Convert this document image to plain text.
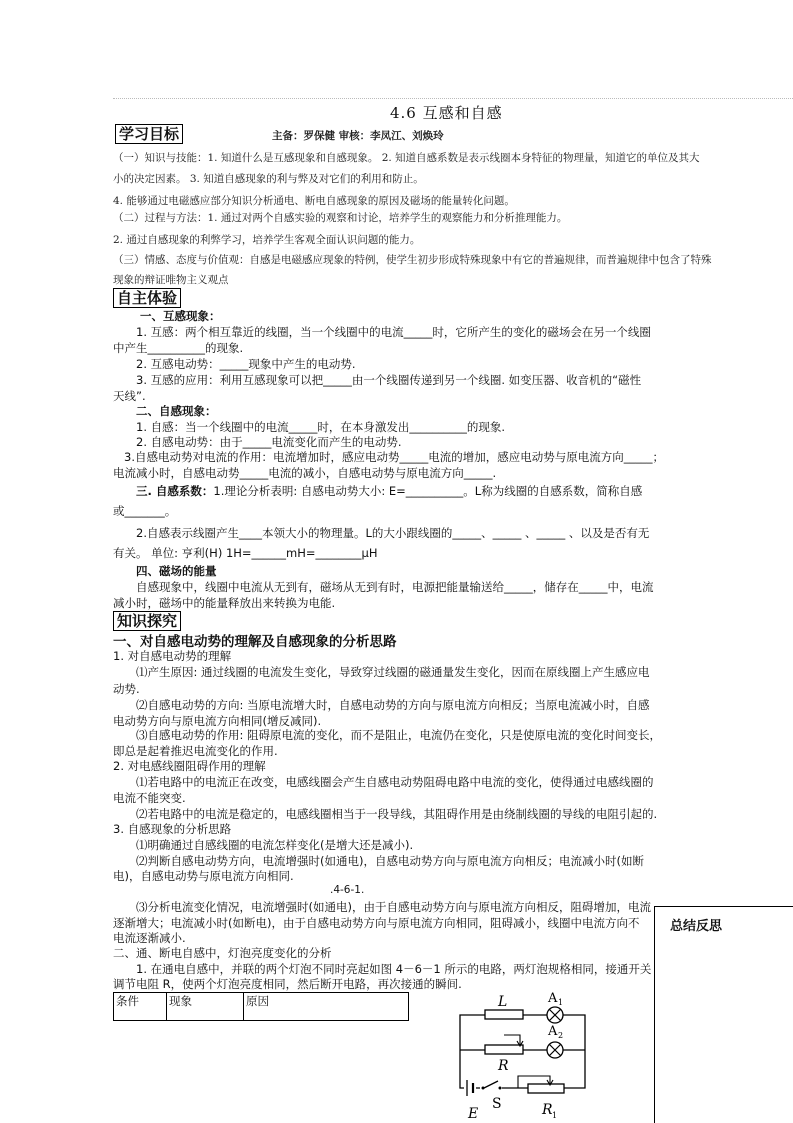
4.6 互感和自感
学习目标	主备：罗保健 审核：李凤江、刘焕玲
（一）知识与技能：1. 知道什么是互感现象和自感现象。 2. 知道自感系数是表示线圈本身特征的物理量，知道它的单位及其大
小的决定因素。 3. 知道自感现象的利与弊及对它们的利用和防止。
4. 能够通过电磁感应部分知识分析通电、断电自感现象的原因及磁场的能量转化问题。
（二）过程与方法：1. 通过对两个自感实验的观察和讨论，培养学生的观察能力和分析推理能力。
2. 通过自感现象的利弊学习，培养学生客观全面认识问题的能力。
（三）情感、态度与价值观：自感是电磁感应现象的特例，使学生初步形成特殊现象中有它的普遍规律，而普遍规律中包含了特殊
现象的辩证唯物主义观点
自主体验
一、互感现象：
1. 互感：两个相互靠近的线圈，当一个线圈中的电流_____时，它所产生的变化的磁场会在另一个线圈
中产生__________的现象.
2. 互感电动势：_____现象中产生的电动势.
3. 互感的应用：利用互感现象可以把_____由一个线圈传递到另一个线圈. 如变压器、收音机的“磁性
天线”.
二、自感现象：
1. 自感：当一个线圈中的电流_____时，在本身激发出__________的现象.
2. 自感电动势：由于_____电流变化而产生的电动势.
3.自感电动势对电流的作用：电流增加时，感应电动势_____电流的增加，感应电动势与原电流方向_____；
电流减小时，自感电动势_____电流的减小，自感电动势与原电流方向_____.
三. 自感系数：1.理论分析表明: 自感电动势大小: E=__________。L称为线圈的自感系数，简称自感
或_______。
2.自感表示线圈产生____本领大小的物理量。L的大小跟线圈的_____、_____ 、_____ 、以及是否有无
有关。 单位: 亨利(H) 1H=______mH=________μH
四、磁场的能量
自感现象中，线圈中电流从无到有，磁场从无到有时，电源把能量输送给_____，储存在_____中，电流
减小时，磁场中的能量释放出来转换为电能.
知识探究
一、对自感电动势的理解及自感现象的分析思路
1. 对自感电动势的理解
⑴产生原因: 通过线圈的电流发生变化，导致穿过线圈的磁通量发生变化，因而在原线圈上产生感应电
动势.
⑵自感电动势的方向: 当原电流增大时，自感电动势的方向与原电流方向相反；当原电流减小时，自感
电动势方向与原电流方向相同(增反减同).
⑶自感电动势的作用: 阻碍原电流的变化，而不是阻止，电流仍在变化，只是使原电流的变化时间变长，
即总是起着推迟电流变化的作用.
2. 对电感线圈阻碍作用的理解
⑴若电路中的电流正在改变，电感线圈会产生自感电动势阻碍电路中电流的变化，使得通过电感线圈的
电流不能突变.
⑵若电路中的电流是稳定的，电感线圈相当于一段导线，其阻碍作用是由绕制线圈的导线的电阻引起的.
3. 自感现象的分析思路
⑴明确通过自感线圈的电流怎样变化(是增大还是减小).
⑵判断自感电动势方向，电流增强时(如通电)，自感电动势方向与原电流方向相反；电流减小时(如断
电)，自感电动势与原电流方向相同.
.4-6-1.
⑶分析电流变化情况，电流增强时(如通电)，由于自感电动势方向与原电流方向相反，阻碍增加，电流
逐渐增大；电流减小时(如断电)，由于自感电动势方向与原电流方向相同，阻碍减小，线圈中电流方向不
电流逐渐减小.
二、通、断电自感中，灯泡亮度变化的分析
1. 在通电自感中，并联的两个灯泡不同时亮起如图 4－6－1 所示的电路，两灯泡规格相同，接通开关
调节电阻 R，使两个灯泡亮度相同，然后断开电路，再次接通的瞬间.
总结反思
条件	现象	原因	L	A 1
A 2
R
E
S	R 1
